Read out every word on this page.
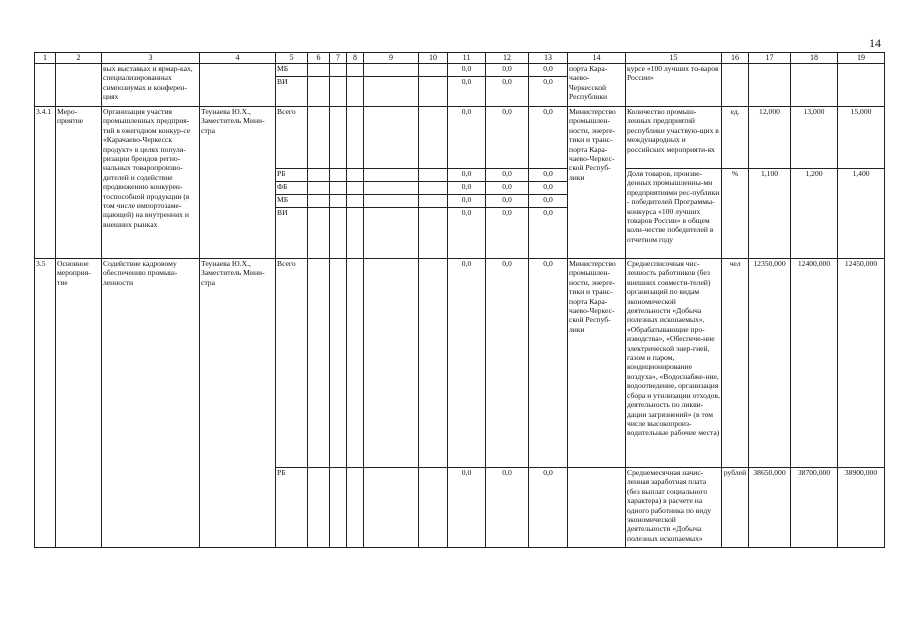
14
1	2	3	4	5	6	7	8	9	10	11	12	13	14	15	16	17	18	19
		вых выставках и ярмар-ках, специализированных симпозиумах и конферен-циях		МБ						0,0	0,0	0,0	порта Кара-чаево-Черкесской Республики	курсе «100 лучших то-варов России»				
				ВИ						0,0	0,0	0,0						
3.4.1	Меро-приятие	Организация участия промышленных предприя-тий в ежегодном конкур-се «Карачаево-Черкесск продукт» в целях популя-ризации брендов регио-нальных товаропроизво-дителей и содействие продвижению конкурен-тоспособной продукции (в том числе импортозаме-щающей) на внутренних и внешних рынках	Теунаева Ю.Х., Заместитель Мини-стра	Всего						0,0	0,0	0,0	Министерство промышлен-ности, энерге-тики и транс-порта Кара-чаево-Черкес-ской Респуб-лики	Количество промыш-ленных предприятий республики участвую-щих в международных и российских мероприяти-ях	ед.	12,000	13,000	15,000
				РБ						0,0	0,0	0,0		Доля товаров, произве-денных промышленны-ми предприятиями рес-публики - победителей Программы-конкурса «100 лучших товаров России» в общем коли-честве победителей в отчетном году	%	1,100	1,200	1,400
				ФБ						0,0	0,0	0,0						
				МБ						0,0	0,0	0,0						
				ВИ						0,0	0,0	0,0						
3.5	Основное мероприя-тие	Содействие кадровому обеспечению промыш-ленности	Теунаева Ю.Х., Заместитель Мини-стра	Всего						0,0	0,0	0,0	Министерство промышлен-ности, энерге-тики и транс-порта Кара-чаево-Черкес-ской Респуб-лики	Среднесписочная чис-ленность работников (без внешних совмести-телей) организаций по видам экономической деятельности «Добыча полезных ископаемых», «Обрабатывающие про-изводства», «Обеспече-ние электрической энер-гией, газом и паром, кондиционирование воздуха», «Водоснабже-ние, водоотведение, организация сбора и утилизации отходов, деятельность по ликви-дации загрязнений» (в том числе высокопроиз-водительные рабочие места)	чел	12350,000	12400,000	12450,000
				РБ						0,0	0,0	0,0		Среднемесячная начис-ленная заработная плата (без выплат социального характера) в расчете на одного работника по виду экономической деятельности «Добыча полезных ископаемых»	рублей	38650,000	38700,000	38900,000
